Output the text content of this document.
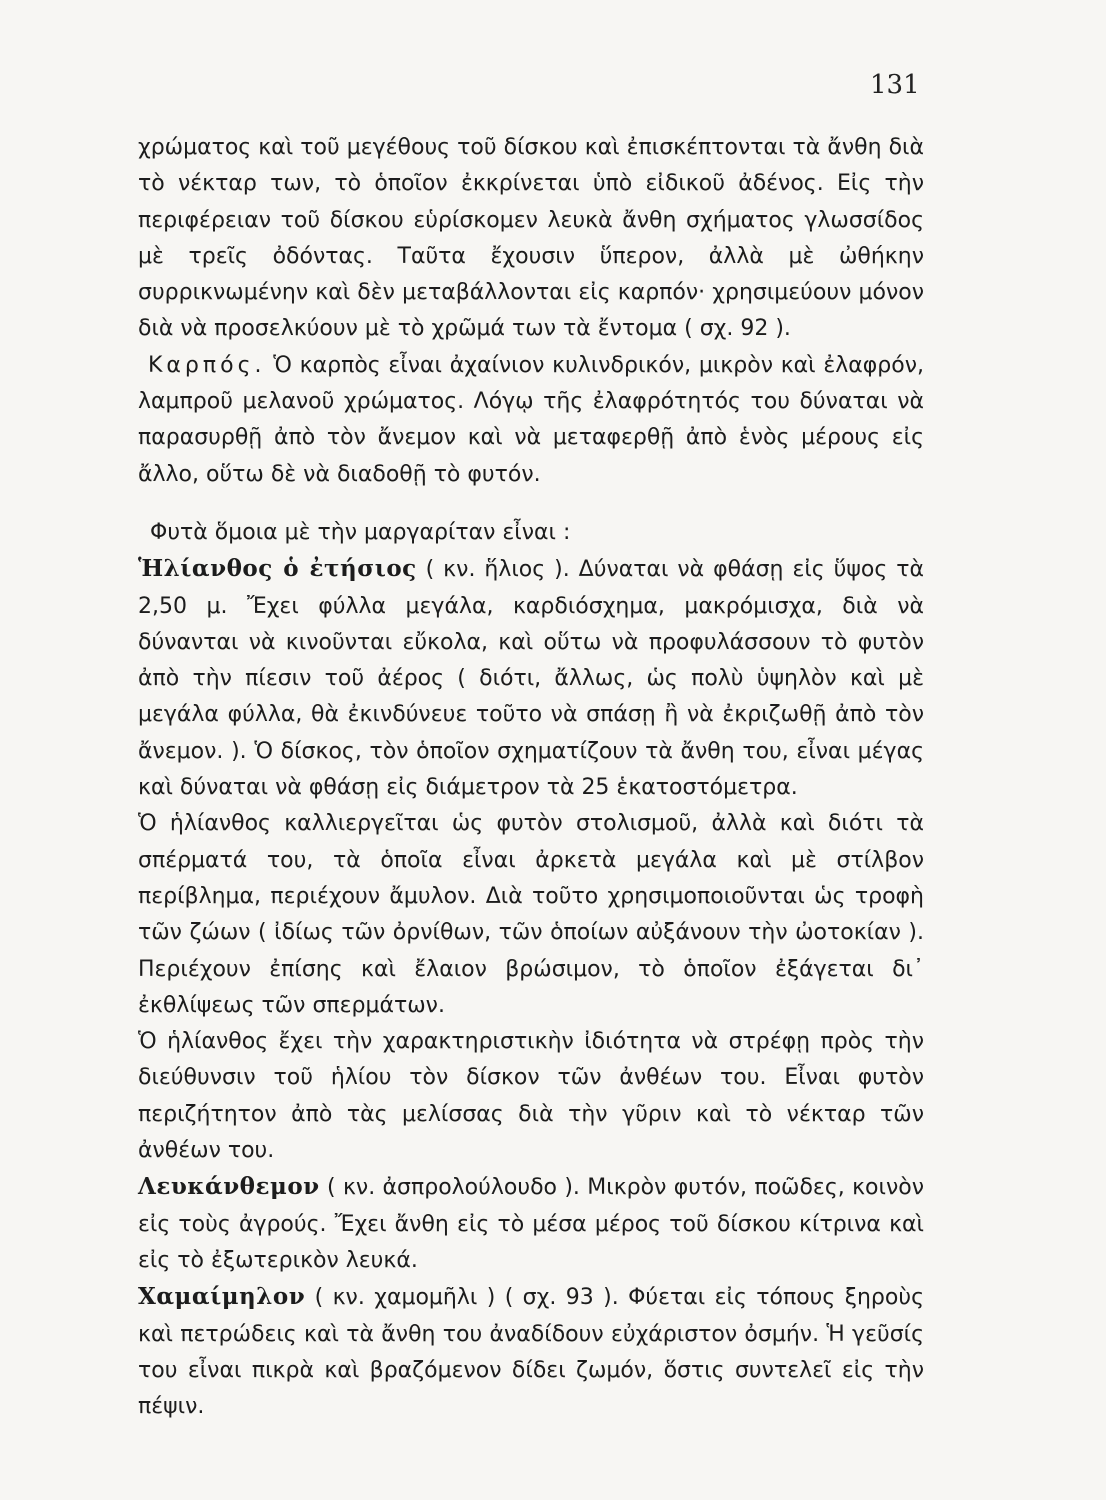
131

χρώματος καὶ τοῦ μεγέθους τοῦ δίσκου καὶ ἐπισκέπτονται τὰ ἄνθη διὰ τὸ νέκταρ των, τὸ ὁποῖον ἐκκρίνεται ὑπὸ εἰδικοῦ ἀδένος. Εἰς τὴν περιφέρειαν τοῦ δίσκου εὑρίσκομεν λευκὰ ἄνθη σχήματος γλωσσίδος μὲ τρεῖς ὀδόντας. Ταῦτα ἔχουσιν ὕπερον, ἀλλὰ μὲ ὠθήκην συρρικνωμένην καὶ δὲν μεταβάλλονται εἰς καρπόν· χρησιμεύουν μόνον διὰ νὰ προσελκύουν μὲ τὸ χρῶμά των τὰ ἔντομα ( σχ. 92 ).

Καρπός. Ὁ καρπὸς εἶναι ἀχαίνιον κυλινδρικόν, μικρὸν καὶ ἐλαφρόν, λαμπροῦ μελανοῦ χρώματος. Λόγῳ τῆς ἐλαφρότητός του δύναται νὰ παρασυρθῇ ἀπὸ τὸν ἄνεμον καὶ νὰ μεταφερθῇ ἀπὸ ἑνὸς μέρους εἰς ἄλλο, οὕτω δὲ νὰ διαδοθῇ τὸ φυτόν.

Φυτὰ ὅμοια μὲ τὴν μαργαρίταν εἶναι :

Ἡλίανθος ὁ ἐτήσιος ( κν. ἥλιος ). Δύναται νὰ φθάσῃ εἰς ὕψος τὰ 2,50 μ. Ἔχει φύλλα μεγάλα, καρδιόσχημα, μακρόμισχα, διὰ νὰ δύνανται νὰ κινοῦνται εὔκολα, καὶ οὕτω νὰ προφυλάσσουν τὸ φυτὸν ἀπὸ τὴν πίεσιν τοῦ ἀέρος ( διότι, ἄλλως, ὡς πολὺ ὑψηλὸν καὶ μὲ μεγάλα φύλλα, θὰ ἐκινδύνευε τοῦτο νὰ σπάσῃ ἢ νὰ ἐκριζωθῇ ἀπὸ τὸν ἄνεμον. ). Ὁ δίσκος, τὸν ὁποῖον σχηματίζουν τὰ ἄνθη του, εἶναι μέγας καὶ δύναται νὰ φθάσῃ εἰς διάμετρον τὰ 25 ἑκατοστόμετρα.

Ὁ ἡλίανθος καλλιεργεῖται ὡς φυτὸν στολισμοῦ, ἀλλὰ καὶ διότι τὰ σπέρματά του, τὰ ὁποῖα εἶναι ἀρκετὰ μεγάλα καὶ μὲ στίλβον περίβλημα, περιέχουν ἄμυλον. Διὰ τοῦτο χρησιμοποιοῦνται ὡς τροφὴ τῶν ζώων ( ἰδίως τῶν ὀρνίθων, τῶν ὁποίων αὐξάνουν τὴν ὠοτοκίαν ). Περιέχουν ἐπίσης καὶ ἔλαιον βρώσιμον, τὸ ὁποῖον ἐξάγεται δι᾽ ἐκθλίψεως τῶν σπερμάτων.

Ὁ ἡλίανθος ἔχει τὴν χαρακτηριστικὴν ἰδιότητα νὰ στρέφῃ πρὸς τὴν διεύθυνσιν τοῦ ἡλίου τὸν δίσκον τῶν ἀνθέων του. Εἶναι φυτὸν περιζήτητον ἀπὸ τὰς μελίσσας διὰ τὴν γῦριν καὶ τὸ νέκταρ τῶν ἀνθέων του.

Λευκάνθεμον ( κν. ἀσπρολούλουδο ). Μικρὸν φυτόν, ποῶδες, κοινὸν εἰς τοὺς ἀγρούς. Ἔχει ἄνθη εἰς τὸ μέσα μέρος τοῦ δίσκου κίτρινα καὶ εἰς τὸ ἐξωτερικὸν λευκά.

Χαμαίμηλον ( κν. χαμομῆλι ) ( σχ. 93 ). Φύεται εἰς τόπους ξηροὺς καὶ πετρώδεις καὶ τὰ ἄνθη του ἀναδίδουν εὐχάριστον ὀσμήν. Ἡ γεῦσίς του εἶναι πικρὰ καὶ βραζόμενον δίδει ζωμόν, ὅστις συντελεῖ εἰς τὴν πέψιν.
